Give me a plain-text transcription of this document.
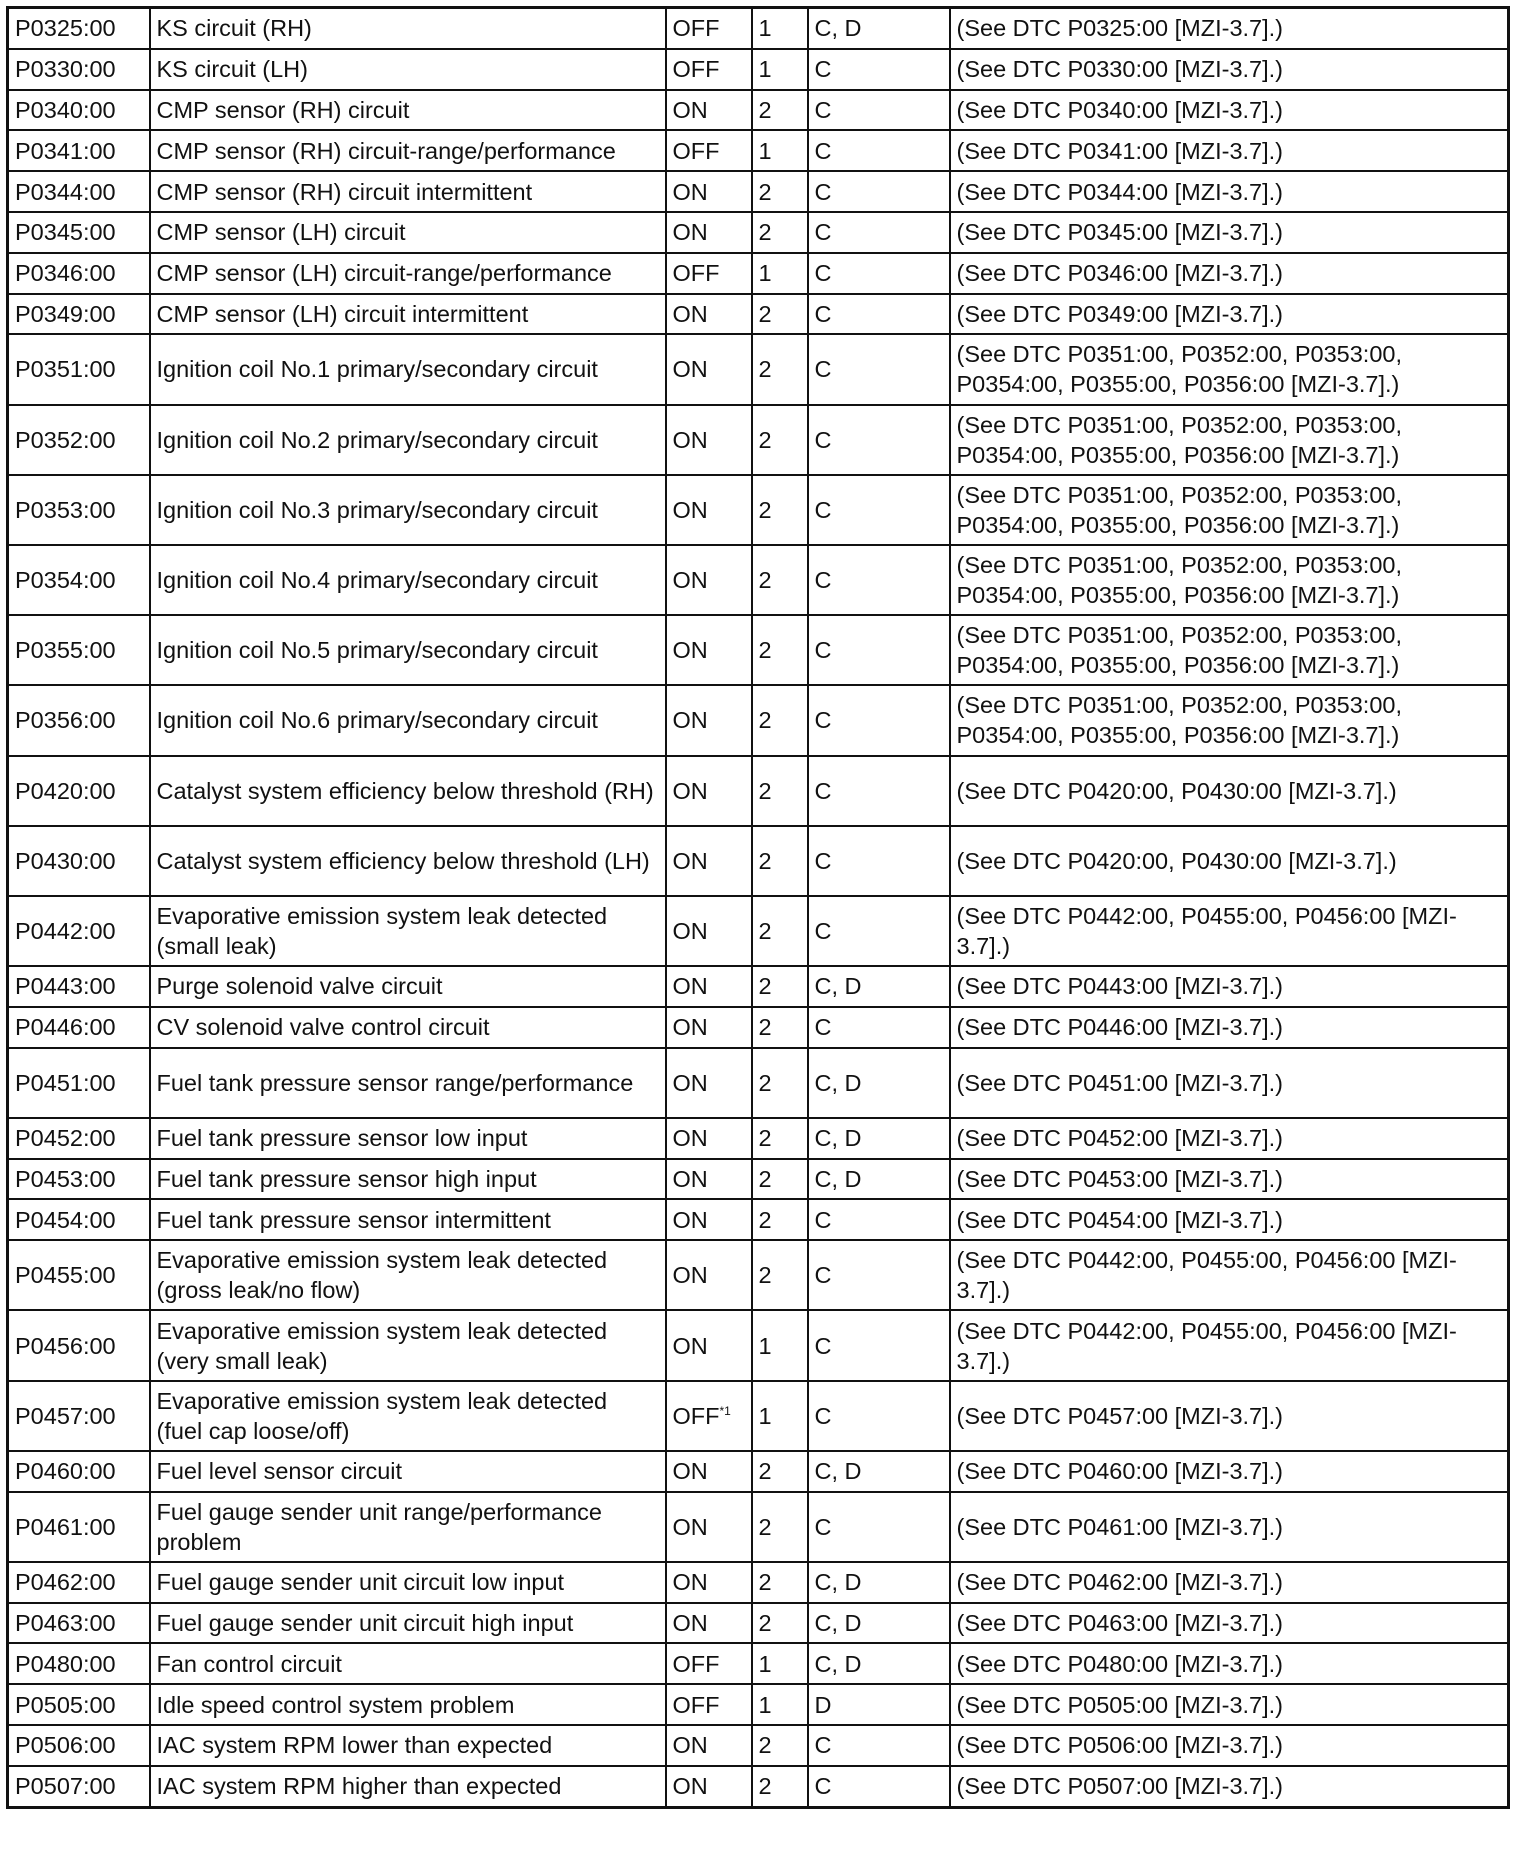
P0325:00	KS circuit (RH)	OFF	1	C, D	(See DTC P0325:00 [MZI-3.7].)
P0330:00	KS circuit (LH)	OFF	1	C	(See DTC P0330:00 [MZI-3.7].)
P0340:00	CMP sensor (RH) circuit	ON	2	C	(See DTC P0340:00 [MZI-3.7].)
P0341:00	CMP sensor (RH) circuit-range/performance	OFF	1	C	(See DTC P0341:00 [MZI-3.7].)
P0344:00	CMP sensor (RH) circuit intermittent	ON	2	C	(See DTC P0344:00 [MZI-3.7].)
P0345:00	CMP sensor (LH) circuit	ON	2	C	(See DTC P0345:00 [MZI-3.7].)
P0346:00	CMP sensor (LH) circuit-range/performance	OFF	1	C	(See DTC P0346:00 [MZI-3.7].)
P0349:00	CMP sensor (LH) circuit intermittent	ON	2	C	(See DTC P0349:00 [MZI-3.7].)
P0351:00	Ignition coil No.1 primary/secondary circuit	ON	2	C	(See DTC P0351:00, P0352:00, P0353:00, P0354:00, P0355:00, P0356:00 [MZI-3.7].)
P0352:00	Ignition coil No.2 primary/secondary circuit	ON	2	C	(See DTC P0351:00, P0352:00, P0353:00, P0354:00, P0355:00, P0356:00 [MZI-3.7].)
P0353:00	Ignition coil No.3 primary/secondary circuit	ON	2	C	(See DTC P0351:00, P0352:00, P0353:00, P0354:00, P0355:00, P0356:00 [MZI-3.7].)
P0354:00	Ignition coil No.4 primary/secondary circuit	ON	2	C	(See DTC P0351:00, P0352:00, P0353:00, P0354:00, P0355:00, P0356:00 [MZI-3.7].)
P0355:00	Ignition coil No.5 primary/secondary circuit	ON	2	C	(See DTC P0351:00, P0352:00, P0353:00, P0354:00, P0355:00, P0356:00 [MZI-3.7].)
P0356:00	Ignition coil No.6 primary/secondary circuit	ON	2	C	(See DTC P0351:00, P0352:00, P0353:00, P0354:00, P0355:00, P0356:00 [MZI-3.7].)
P0420:00	Catalyst system efficiency below threshold (RH)	ON	2	C	(See DTC P0420:00, P0430:00 [MZI-3.7].)
P0430:00	Catalyst system efficiency below threshold (LH)	ON	2	C	(See DTC P0420:00, P0430:00 [MZI-3.7].)
P0442:00	Evaporative emission system leak detected (small leak)	ON	2	C	(See DTC P0442:00, P0455:00, P0456:00 [MZI-3.7].)
P0443:00	Purge solenoid valve circuit	ON	2	C, D	(See DTC P0443:00 [MZI-3.7].)
P0446:00	CV solenoid valve control circuit	ON	2	C	(See DTC P0446:00 [MZI-3.7].)
P0451:00	Fuel tank pressure sensor range/performance	ON	2	C, D	(See DTC P0451:00 [MZI-3.7].)
P0452:00	Fuel tank pressure sensor low input	ON	2	C, D	(See DTC P0452:00 [MZI-3.7].)
P0453:00	Fuel tank pressure sensor high input	ON	2	C, D	(See DTC P0453:00 [MZI-3.7].)
P0454:00	Fuel tank pressure sensor intermittent	ON	2	C	(See DTC P0454:00 [MZI-3.7].)
P0455:00	Evaporative emission system leak detected (gross leak/no flow)	ON	2	C	(See DTC P0442:00, P0455:00, P0456:00 [MZI-3.7].)
P0456:00	Evaporative emission system leak detected (very small leak)	ON	1	C	(See DTC P0442:00, P0455:00, P0456:00 [MZI-3.7].)
P0457:00	Evaporative emission system leak detected (fuel cap loose/off)	OFF$^{*1}$	1	C	(See DTC P0457:00 [MZI-3.7].)
P0460:00	Fuel level sensor circuit	ON	2	C, D	(See DTC P0460:00 [MZI-3.7].)
P0461:00	Fuel gauge sender unit range/performance problem	ON	2	C	(See DTC P0461:00 [MZI-3.7].)
P0462:00	Fuel gauge sender unit circuit low input	ON	2	C, D	(See DTC P0462:00 [MZI-3.7].)
P0463:00	Fuel gauge sender unit circuit high input	ON	2	C, D	(See DTC P0463:00 [MZI-3.7].)
P0480:00	Fan control circuit	OFF	1	C, D	(See DTC P0480:00 [MZI-3.7].)
P0505:00	Idle speed control system problem	OFF	1	D	(See DTC P0505:00 [MZI-3.7].)
P0506:00	IAC system RPM lower than expected	ON	2	C	(See DTC P0506:00 [MZI-3.7].)
P0507:00	IAC system RPM higher than expected	ON	2	C	(See DTC P0507:00 [MZI-3.7].)
